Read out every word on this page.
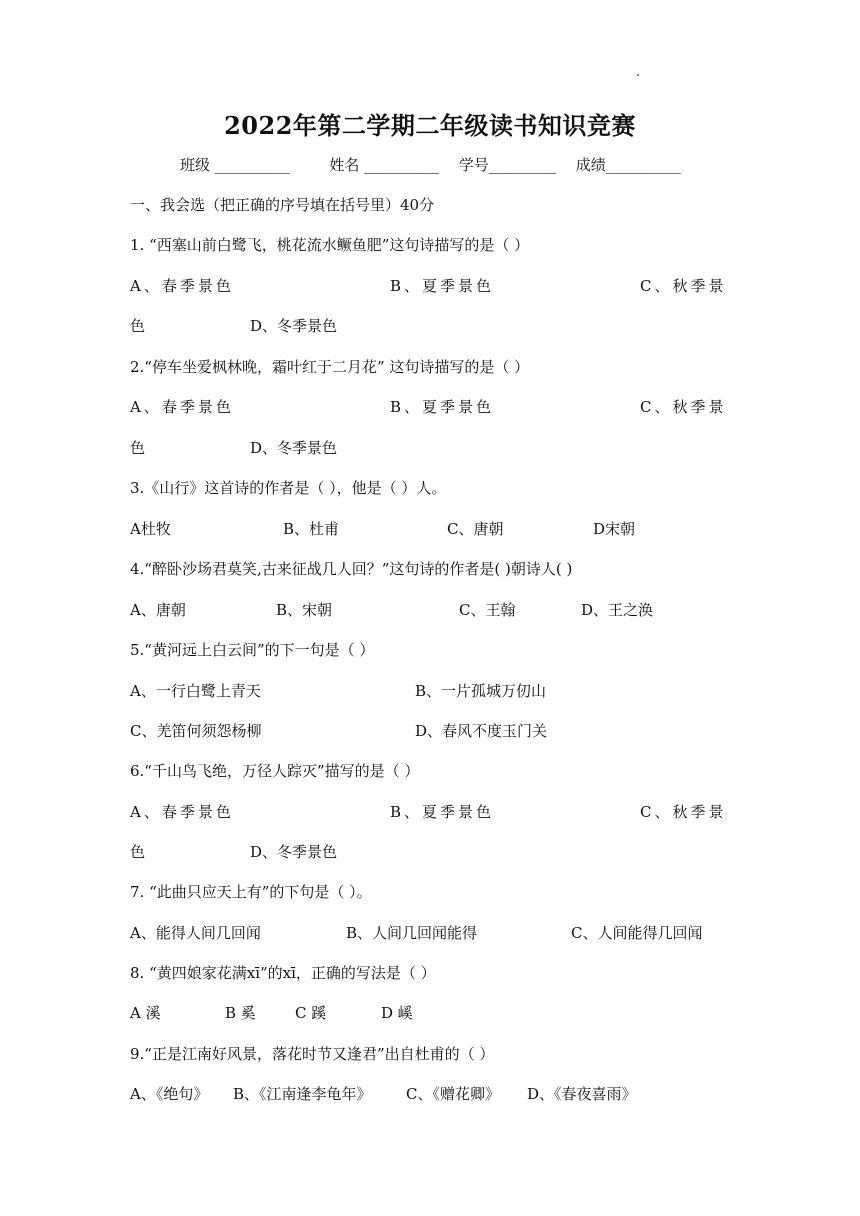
2022年第二学期二年级读书知识竞赛
班级 __________	姓名 __________ 学号_________ 成绩__________
一、我会选（把正确的序号填在括号里）40分
1. “西塞山前白鹭飞，桃花流水鳜鱼肥”这句诗描写的是（ ）
A、春季景色	B、夏季景色	C、秋季景
色	D、冬季景色
2.“停车坐爱枫林晚，霜叶红于二月花” 这句诗描写的是（ ）
A、春季景色	B、夏季景色	C、秋季景
色	D、冬季景色
3.《山行》这首诗的作者是（ ），他是（ ）人。
A杜牧	B、杜甫	C、唐朝	D宋朝
4.“醉卧沙场君莫笑,古来征战几人回？”这句诗的作者是( )朝诗人( )
A、唐朝	B、宋朝	C、王翰	D、王之涣
5.“黄河远上白云间”的下一句是（ ）
A、一行白鹭上青天	B、一片孤城万仞山
C、羌笛何须怨杨柳	D、春风不度玉门关
6.“千山鸟飞绝，万径人踪灭”描写的是（ ）
A、春季景色	B、夏季景色	C、秋季景
色	D、冬季景色
7. “此曲只应天上有”的下句是（ ）。
A、能得人间几回闻	B、人间几回闻能得	C、人间能得几回闻
8. “黄四娘家花满xī”的xī，正确的写法是（ ）
A 溪	B 奚	C 蹊	D 嵠
9.“正是江南好风景，落花时节又逢君”出自杜甫的（ ）
A、《绝句》 B、《江南逢李龟年》 C、《赠花卿》 D、《春夜喜雨》
